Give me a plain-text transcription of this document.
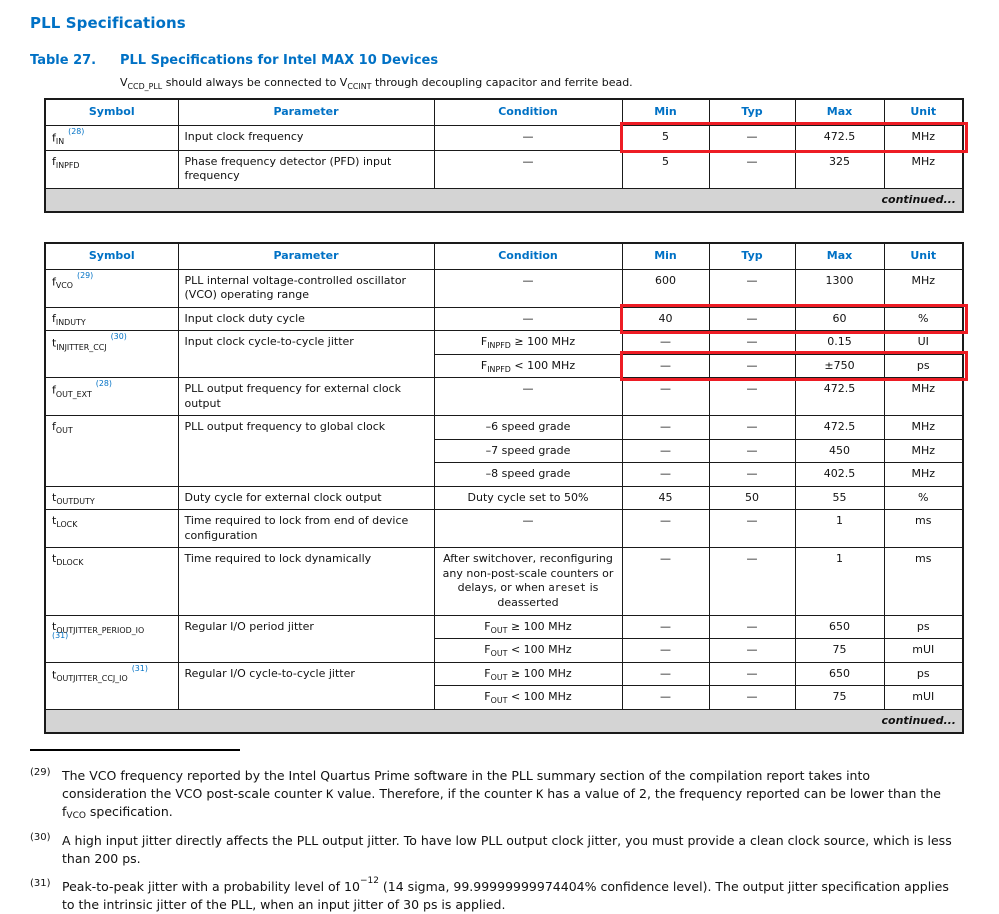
PLL Specifications
Table 27.	PLL Specifications for Intel MAX 10 Devices
$V_{CCD\_PLL}$ should always be connected to $V_{CCINT}$ through decoupling capacitor and ferrite bead.
Symbol	Parameter	Condition	Min	Typ	Max	Unit
$f_{IN}^{(28)}$	Input clock frequency	—	5	—	472.5	MHz
$f_{INPFD}$	Phase frequency detector (PFD) input frequency	—	5	—	325	MHz
continued...						
Symbol	Parameter	Condition	Min	Typ	Max	Unit
$f_{VCO}^{(29)}$	PLL internal voltage-controlled oscillator (VCO) operating range	—	600	—	1300	MHz
$f_{INDUTY}$	Input clock duty cycle	—	40	—	60	%
$t_{INJITTER\_CCJ}^{(30)}$	Input clock cycle-to-cycle jitter	$F_{INPFD} \ge 100$ MHz	—	—	0.15	UI
		$F_{INPFD} < 100$ MHz	—	—	±750	ps
$f_{OUT\_EXT}^{(28)}$	PLL output frequency for external clock output	—	—	—	472.5	MHz
$f_{OUT}$	PLL output frequency to global clock	–6 speed grade	—	—	472.5	MHz
		–7 speed grade	—	—	450	MHz
		–8 speed grade	—	—	402.5	MHz
$t_{OUTDUTY}$	Duty cycle for external clock output	Duty cycle set to 50%	45	50	55	%
$t_{LOCK}$	Time required to lock from end of device configuration	—	—	—	1	ms
$t_{DLOCK}$	Time required to lock dynamically	After switchover, reconfiguring any non-post-scale counters or delays, or when areset is deasserted	—	—	1	ms
$t_{OUTJITTER\_PERIOD\_IO}$
$^{(31)}$	Regular I/O period jitter	$F_{OUT} \ge 100$ MHz	—	—	650	ps
		$F_{OUT} < 100$ MHz	—	—	75	mUI
$t_{OUTJITTER\_CCJ\_IO}^{(31)}$	Regular I/O cycle-to-cycle jitter	$F_{OUT} \ge 100$ MHz	—	—	650	ps
		$F_{OUT} < 100$ MHz	—	—	75	mUI
continued...						
(29) The VCO frequency reported by the Intel Quartus Prime software in the PLL summary section of the compilation report takes into consideration the VCO post-scale counter K value. Therefore, if the counter K has a value of 2, the frequency reported can be lower than the $f_{VCO}$ specification.
(30) A high input jitter directly affects the PLL output jitter. To have low PLL output clock jitter, you must provide a clean clock source, which is less than 200 ps.
(31) Peak-to-peak jitter with a probability level of $10^{-12}$ (14 sigma, 99.99999999974404% confidence level). The output jitter specification applies to the intrinsic jitter of the PLL, when an input jitter of 30 ps is applied.
